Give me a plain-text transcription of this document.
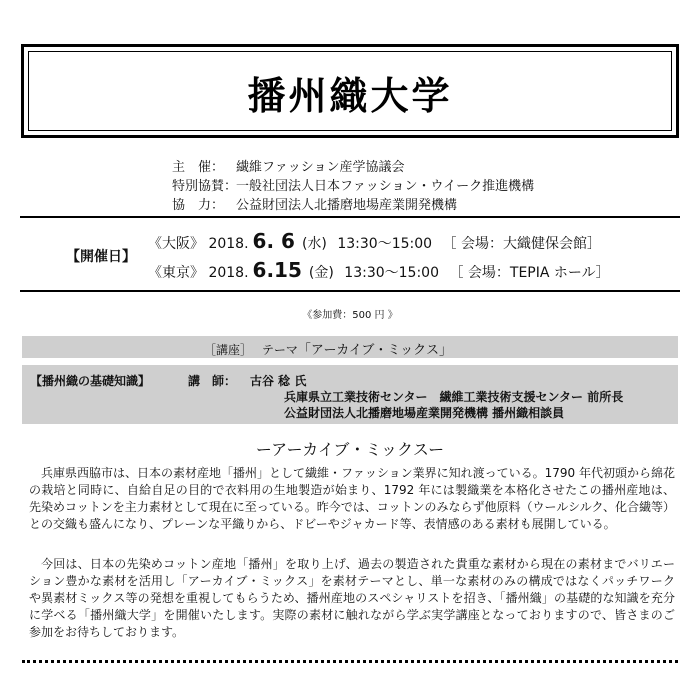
播州織大学
主　催： 繊維ファッション産学協議会
特別協賛：一般社団法人日本ファッション・ウイーク推進機構
協　力： 公益財団法人北播磨地場産業開発機構
【開催日】
《大阪》 2018. 6. 6 (水) 13:30〜15:00 ［ 会場：大織健保会館］
《東京》 2018. 6.15 (金) 13:30〜15:00 ［ 会場：TEPIA ホール］
《参加費：500 円 》
［講座］ テーマ「アーカイブ・ミックス」
【播州織の基礎知識】	講　師： 古谷 稔 氏
兵庫県立工業技術センター　繊維工業技術支援センター 前所長
公益財団法人北播磨地場産業開発機構 播州織相談員
ーアーカイブ・ミックスー

兵庫県西脇市は、日本の素材産地「播州」として繊維・ファッション業界に知れ渡っている。1790 年代初頭から綿花の栽培と同時に、自給自足の目的で衣料用の生地製造が始まり、1792 年には製織業を本格化させたこの播州産地は、先染めコットンを主力素材として現在に至っている。昨今では、コットンのみならず他原料（ウールシルク、化合繊等）との交織も盛んになり、プレーンな平織りから、ドビーやジャカード等、表情感のある素材も展開している。

今回は、日本の先染めコットン産地「播州」を取り上げ、過去の製造された貴重な素材から現在の素材までバリエーション豊かな素材を活用し「アーカイブ・ミックス」を素材テーマとし、単一な素材のみの構成ではなくパッチワークや異素材ミックス等の発想を重視してもらうため、播州産地のスペシャリストを招き、「播州織」の基礎的な知識を充分に学べる「播州織大学」を開催いたします。実際の素材に触れながら学ぶ実学講座となっておりますので、皆さまのご参加をお待ちしております。
